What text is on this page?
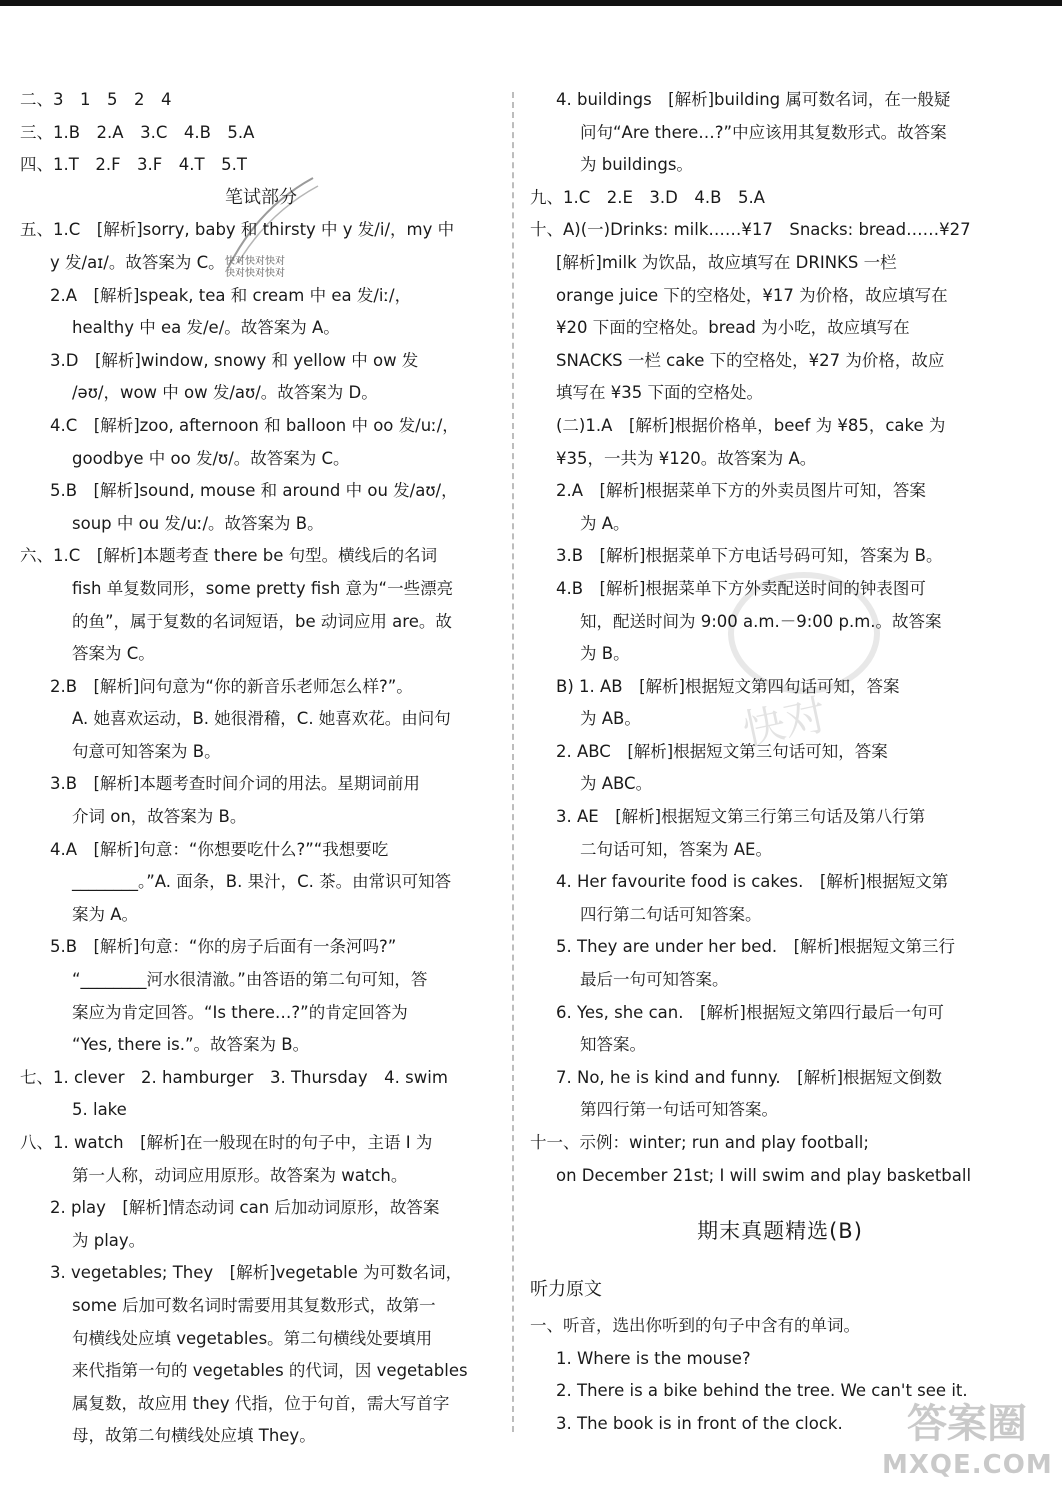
快对
快对快对快对
快对快对快对
二、3　1　5　2　4
三、1.B　2.A　3.C　4.B　5.A
四、1.T　2.F　3.F　4.T　5.T
笔试部分
五、1.C　[解析]sorry, baby 和 thirsty 中 y 发/i/，my 中
y 发/aɪ/。故答案为 C。
2.A　[解析]speak, tea 和 cream 中 ea 发/iː/，
healthy 中 ea 发/e/。故答案为 A。
3.D　[解析]window, snowy 和 yellow 中 ow 发
/əʊ/，wow 中 ow 发/aʊ/。故答案为 D。
4.C　[解析]zoo, afternoon 和 balloon 中 oo 发/uː/，
goodbye 中 oo 发/ʊ/。故答案为 C。
5.B　[解析]sound, mouse 和 around 中 ou 发/aʊ/，
soup 中 ou 发/uː/。故答案为 B。
六、1.C　[解析]本题考查 there be 句型。横线后的名词
fish 单复数同形，some pretty fish 意为“一些漂亮
的鱼”，属于复数的名词短语，be 动词应用 are。故
答案为 C。
2.B　[解析]问句意为“你的新音乐老师怎么样?”。
A. 她喜欢运动，B. 她很滑稽，C. 她喜欢花。由问句
句意可知答案为 B。
3.B　[解析]本题考查时间介词的用法。星期词前用
介词 on，故答案为 B。
4.A　[解析]句意：“你想要吃什么?”“我想要吃
________。”A. 面条，B. 果汁，C. 茶。由常识可知答
案为 A。
5.B　[解析]句意：“你的房子后面有一条河吗?”
“________河水很清澈。”由答语的第二句可知，答
案应为肯定回答。“Is there…?”的肯定回答为
“Yes, there is.”。故答案为 B。
七、1. clever　2. hamburger　3. Thursday　4. swim
5. lake
八、1. watch　[解析]在一般现在时的句子中，主语 I 为
第一人称，动词应用原形。故答案为 watch。
2. play　[解析]情态动词 can 后加动词原形，故答案
为 play。
3. vegetables; They　[解析]vegetable 为可数名词，
some 后加可数名词时需要用其复数形式，故第一
句横线处应填 vegetables。第二句横线处要填用
来代指第一句的 vegetables 的代词，因 vegetables
属复数，故应用 they 代指，位于句首，需大写首字
母，故第二句横线处应填 They。
4. buildings　[解析]building 属可数名词，在一般疑
问句“Are there…?”中应该用其复数形式。故答案
为 buildings。
九、1.C　2.E　3.D　4.B　5.A
十、A)(一)Drinks: milk……¥17　Snacks: bread……¥27
[解析]milk 为饮品，故应填写在 DRINKS 一栏
orange juice 下的空格处，¥17 为价格，故应填写在
¥20 下面的空格处。bread 为小吃，故应填写在
SNACKS 一栏 cake 下的空格处，¥27 为价格，故应
填写在 ¥35 下面的空格处。
(二)1.A　[解析]根据价格单，beef 为 ¥85，cake 为
¥35，一共为 ¥120。故答案为 A。
2.A　[解析]根据菜单下方的外卖员图片可知，答案
为 A。
3.B　[解析]根据菜单下方电话号码可知，答案为 B。
4.B　[解析]根据菜单下方外卖配送时间的钟表图可
知，配送时间为 9:00 a.m.－9:00 p.m.。故答案
为 B。
B) 1. AB　[解析]根据短文第四句话可知，答案
为 AB。
2. ABC　[解析]根据短文第三句话可知，答案
为 ABC。
3. AE　[解析]根据短文第三行第三句话及第八行第
二句话可知，答案为 AE。
4. Her favourite food is cakes.　[解析]根据短文第
四行第二句话可知答案。
5. They are under her bed.　[解析]根据短文第三行
最后一句可知答案。
6. Yes, she can.　[解析]根据短文第四行最后一句可
知答案。
7. No, he is kind and funny.　[解析]根据短文倒数
第四行第一句话可知答案。
十一、示例：winter; run and play football;
on December 21st; I will swim and play basketball
期末真题精选(B)
听力原文
一、听音，选出你听到的句子中含有的单词。
1. Where is the mouse?
2. There is a bike behind the tree. We can't see it.
3. The book is in front of the clock.	答案圈
MXQE.COM
